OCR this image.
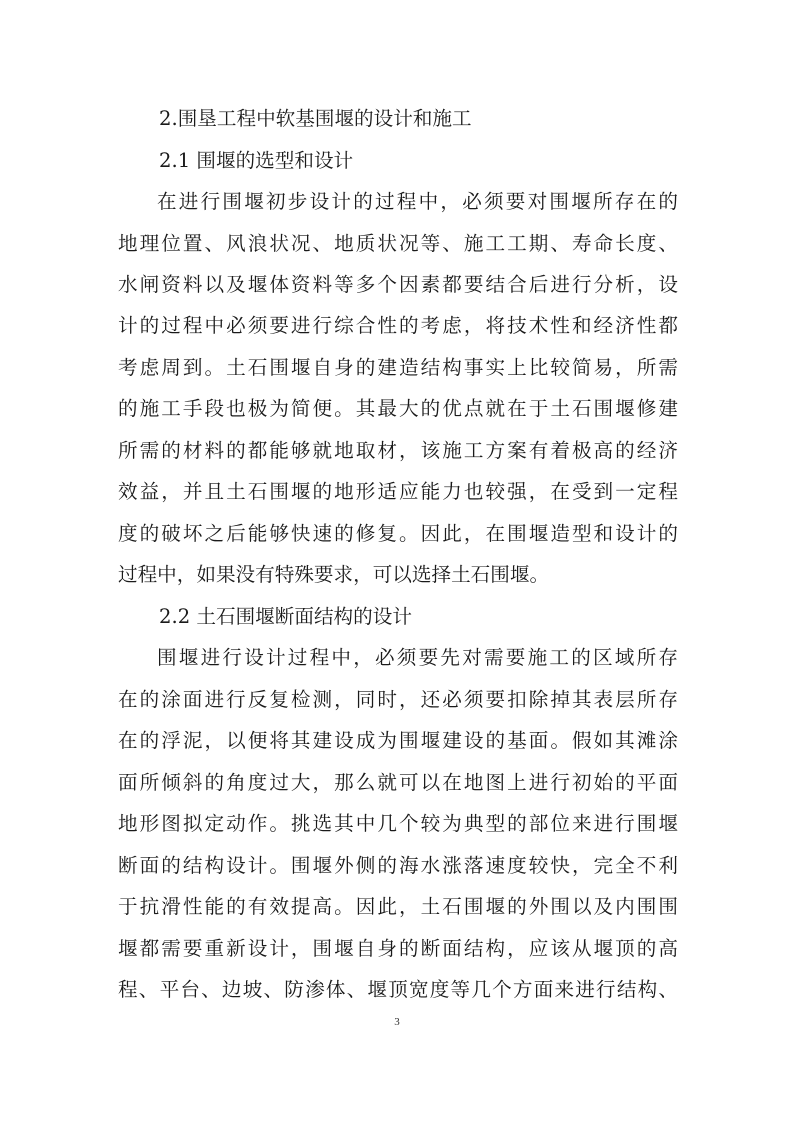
2.围垦工程中软基围堰的设计和施工
2.1 围堰的选型和设计
在进行围堰初步设计的过程中，必须要对围堰所存在的
地理位置、风浪状况、地质状况等、施工工期、寿命长度、
水闸资料以及堰体资料等多个因素都要结合后进行分析，设
计的过程中必须要进行综合性的考虑，将技术性和经济性都
考虑周到。土石围堰自身的建造结构事实上比较简易，所需
的施工手段也极为简便。其最大的优点就在于土石围堰修建
所需的材料的都能够就地取材，该施工方案有着极高的经济
效益，并且土石围堰的地形适应能力也较强，在受到一定程
度的破坏之后能够快速的修复。因此，在围堰造型和设计的
过程中，如果没有特殊要求，可以选择土石围堰。
2.2 土石围堰断面结构的设计
围堰进行设计过程中，必须要先对需要施工的区域所存
在的涂面进行反复检测，同时，还必须要扣除掉其表层所存
在的浮泥，以便将其建设成为围堰建设的基面。假如其滩涂
面所倾斜的角度过大，那么就可以在地图上进行初始的平面
地形图拟定动作。挑选其中几个较为典型的部位来进行围堰
断面的结构设计。围堰外侧的海水涨落速度较快，完全不利
于抗滑性能的有效提高。因此，土石围堰的外围以及内围围
堰都需要重新设计，围堰自身的断面结构，应该从堰顶的高
程、平台、边坡、防渗体、堰顶宽度等几个方面来进行结构、
3
